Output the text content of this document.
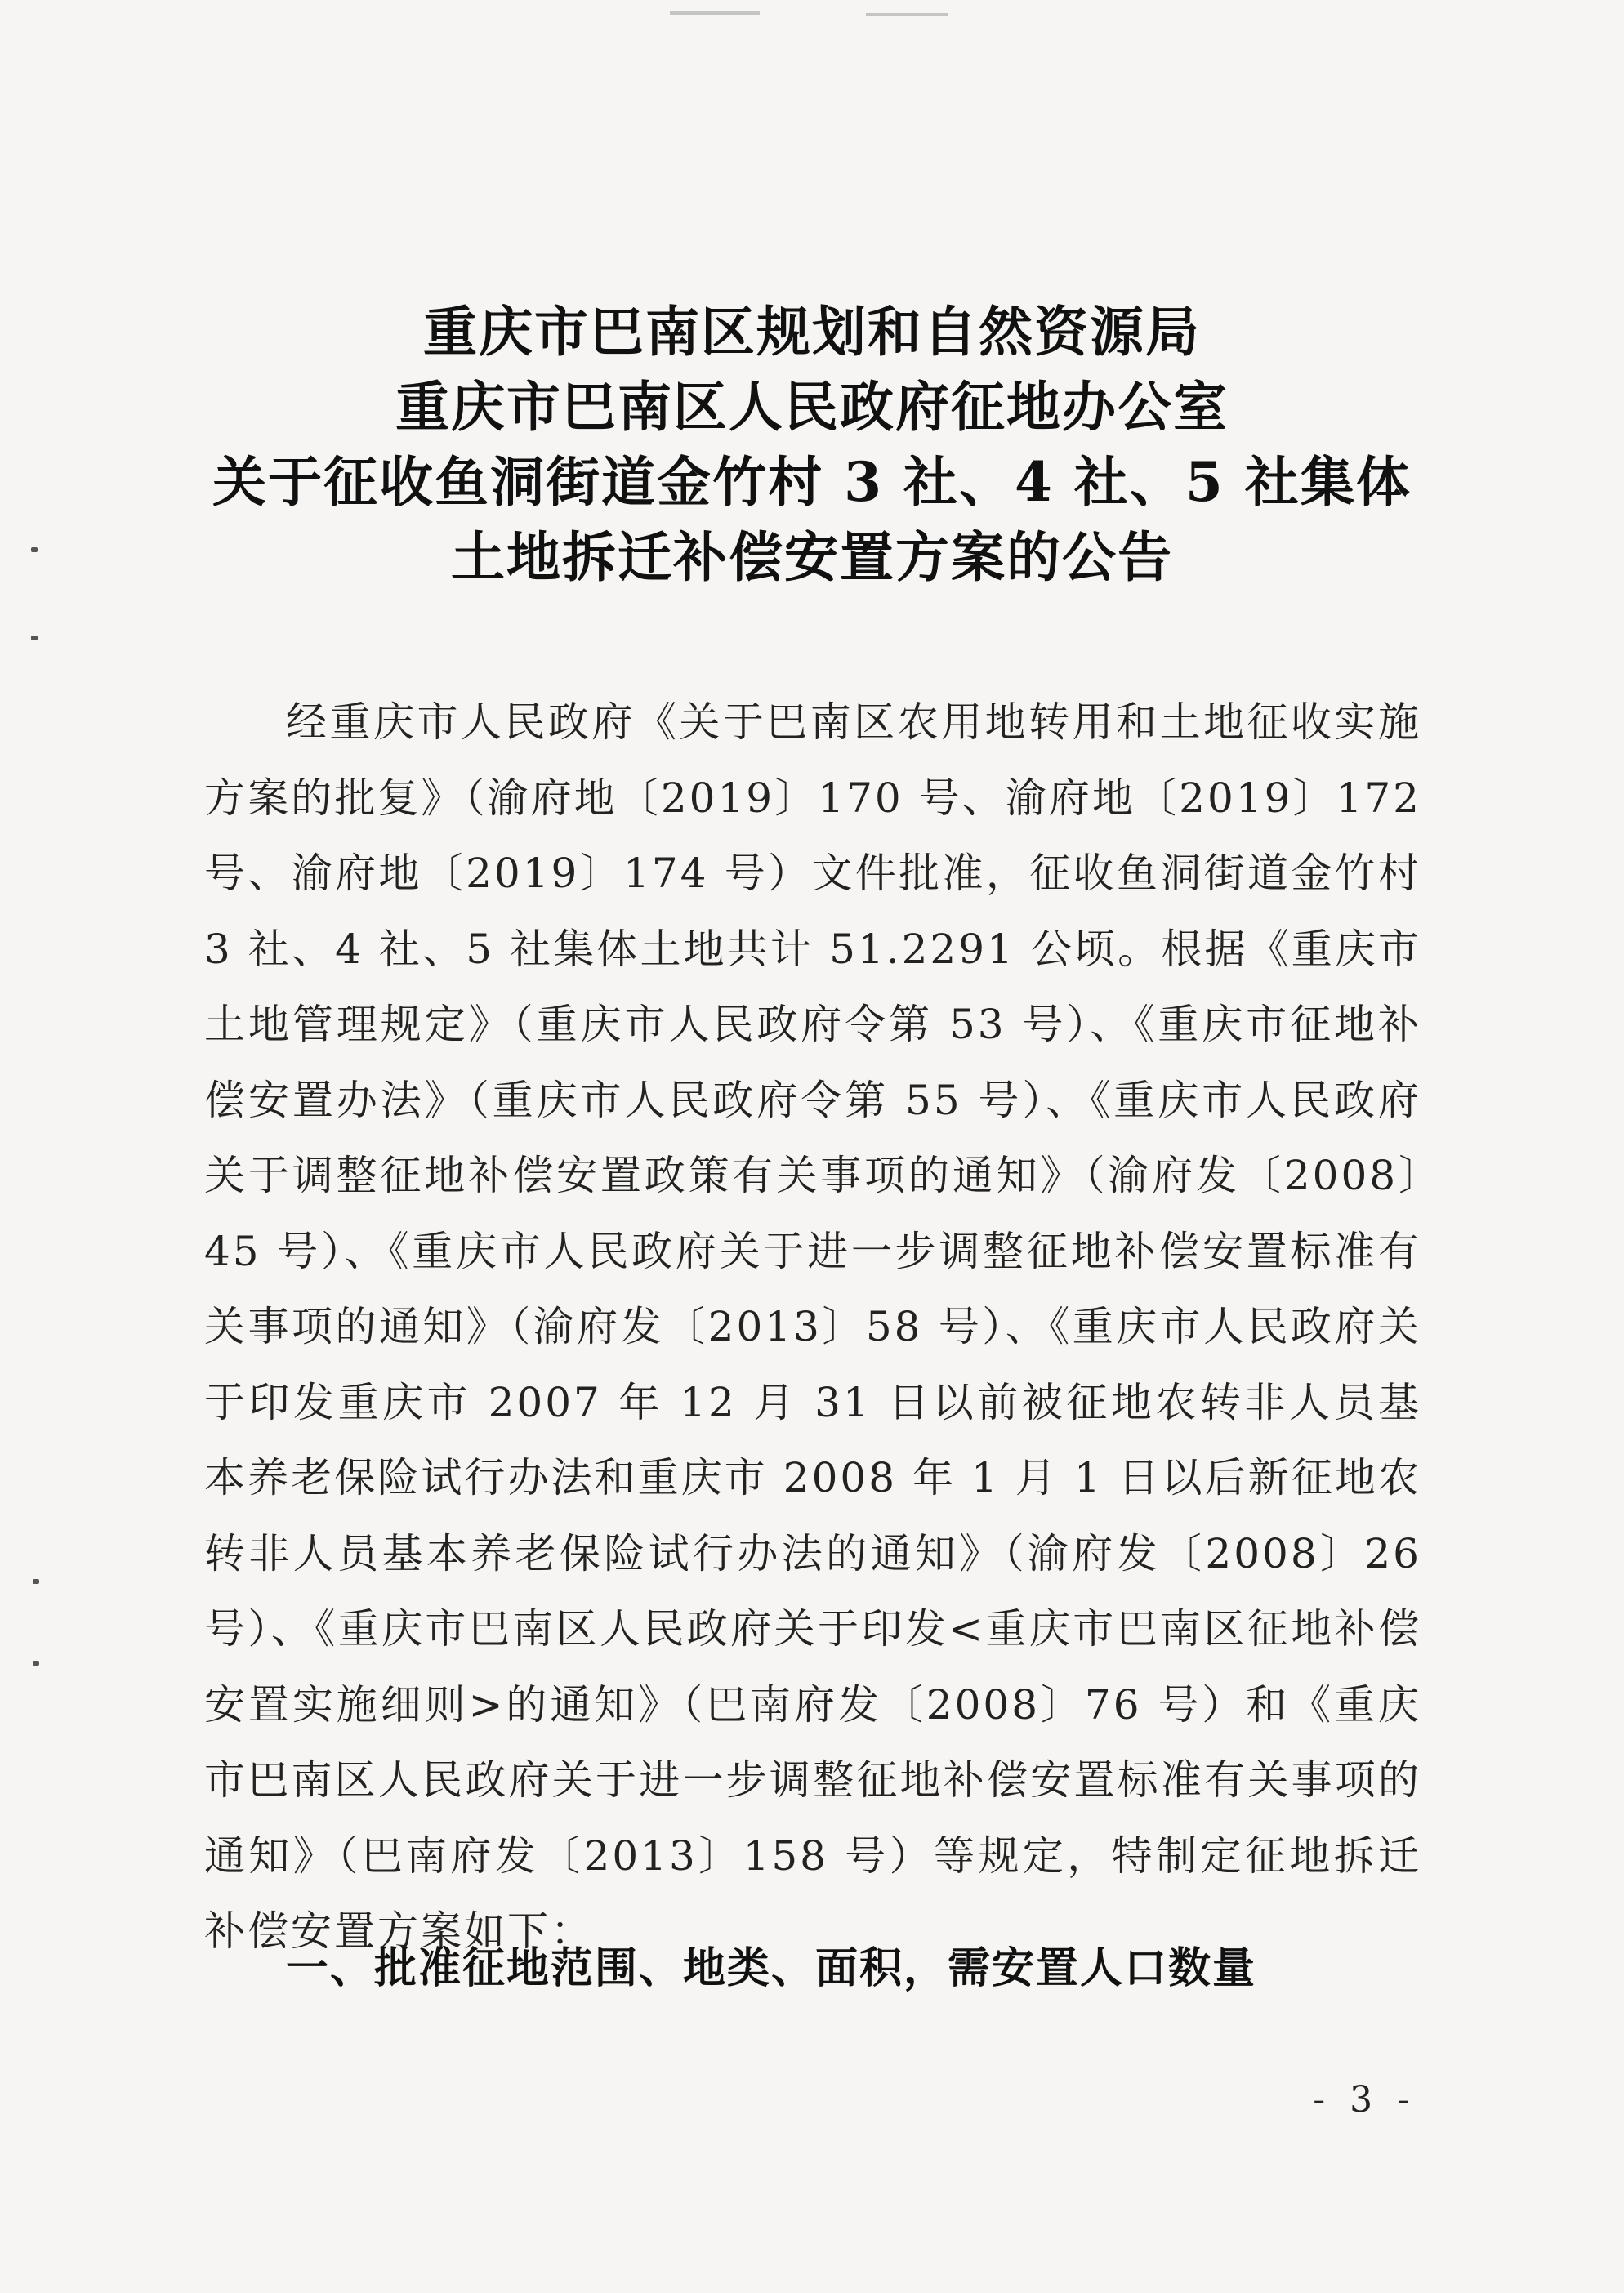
重庆市巴南区规划和自然资源局
重庆市巴南区人民政府征地办公室
关于征收鱼洞街道金竹村 3 社、4 社、5 社集体
土地拆迁补偿安置方案的公告

经重庆市人民政府《关于巴南区农用地转用和土地征收实施方案的批复》（渝府地〔2019〕170 号、渝府地〔2019〕172 号、渝府地〔2019〕174 号）文件批准，征收鱼洞街道金竹村 3 社、4 社、5 社集体土地共计 51.2291 公顷。根据《重庆市土地管理规定》（重庆市人民政府令第 53 号）、《重庆市征地补偿安置办法》（重庆市人民政府令第 55 号）、《重庆市人民政府关于调整征地补偿安置政策有关事项的通知》（渝府发〔2008〕45 号）、《重庆市人民政府关于进一步调整征地补偿安置标准有关事项的通知》（渝府发〔2013〕58 号）、《重庆市人民政府关于印发重庆市 2007 年 12 月 31 日以前被征地农转非人员基本养老保险试行办法和重庆市 2008 年 1 月 1 日以后新征地农转非人员基本养老保险试行办法的通知》（渝府发〔2008〕26 号）、《重庆市巴南区人民政府关于印发<重庆市巴南区征地补偿安置实施细则>的通知》（巴南府发〔2008〕76 号）和《重庆市巴南区人民政府关于进一步调整征地补偿安置标准有关事项的通知》（巴南府发〔2013〕158 号）等规定，特制定征地拆迁补偿安置方案如下：

一、批准征地范围、地类、面积，需安置人口数量
- 3 -
